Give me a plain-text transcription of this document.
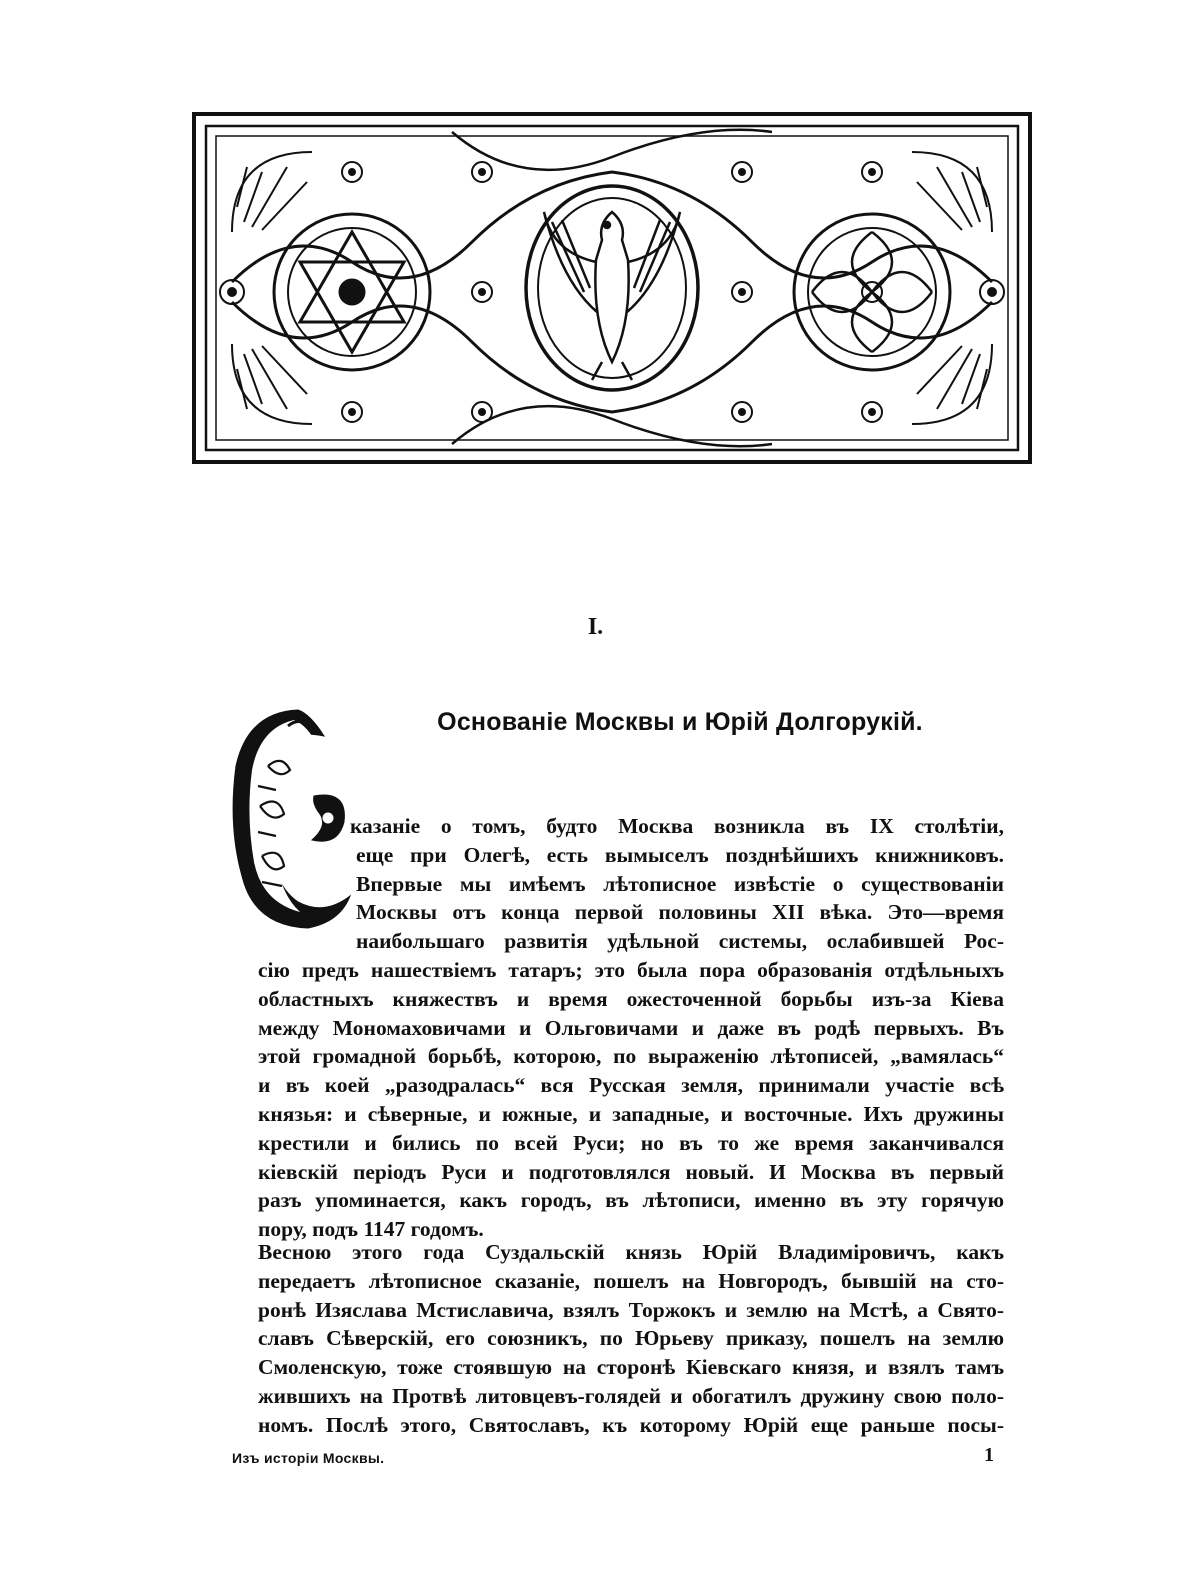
I.
Основаніе Москвы и Юрій Долгорукій.
казаніе о томъ, будто Москва возникла въ IX столѣтіи,
еще при Олегѣ, есть вымыселъ позднѣйшихъ книжниковъ.
Впервые мы имѣемъ лѣтописное извѣстіе о существованіи
Москвы отъ конца первой половины XII вѣка. Это—время
наибольшаго развитія удѣльной системы, ослабившей Рос-
сію предъ нашествіемъ татаръ; это была пора образованія отдѣльныхъ
областныхъ княжествъ и время ожесточенной борьбы изъ-за Кіева
между Мономаховичами и Ольговичами и даже въ родѣ первыхъ. Въ
этой громадной борьбѣ, которою, по выраженію лѣтописей, „вамялась“
и въ коей „разодралась“ вся Русская земля, принимали участіе всѣ
князья: и сѣверные, и южные, и западные, и восточные. Ихъ дружины
крестили и бились по всей Руси; но въ то же время заканчивался
кіевскій періодъ Руси и подготовлялся новый. И Москва въ первый
разъ упоминается, какъ городъ, въ лѣтописи, именно въ эту горячую
пору, подъ 1147 годомъ.
Весною этого года Суздальскій князь Юрій Владиміровичъ, какъ
передаетъ лѣтописное сказаніе, пошелъ на Новгородъ, бывшій на сто-
ронѣ Изяслава Мстиславича, взялъ Торжокъ и землю на Мстѣ, а Свято-
славъ Сѣверскій, его союзникъ, по Юрьеву приказу, пошелъ на землю
Смоленскую, тоже стоявшую на сторонѣ Кіевскаго князя, и взялъ тамъ
жившихъ на Протвѣ литовцевъ-голядей и обогатилъ дружину свою поло-
номъ. Послѣ этого, Святославъ, къ которому Юрій еще раньше посы-
Изъ исторіи Москвы.	1
